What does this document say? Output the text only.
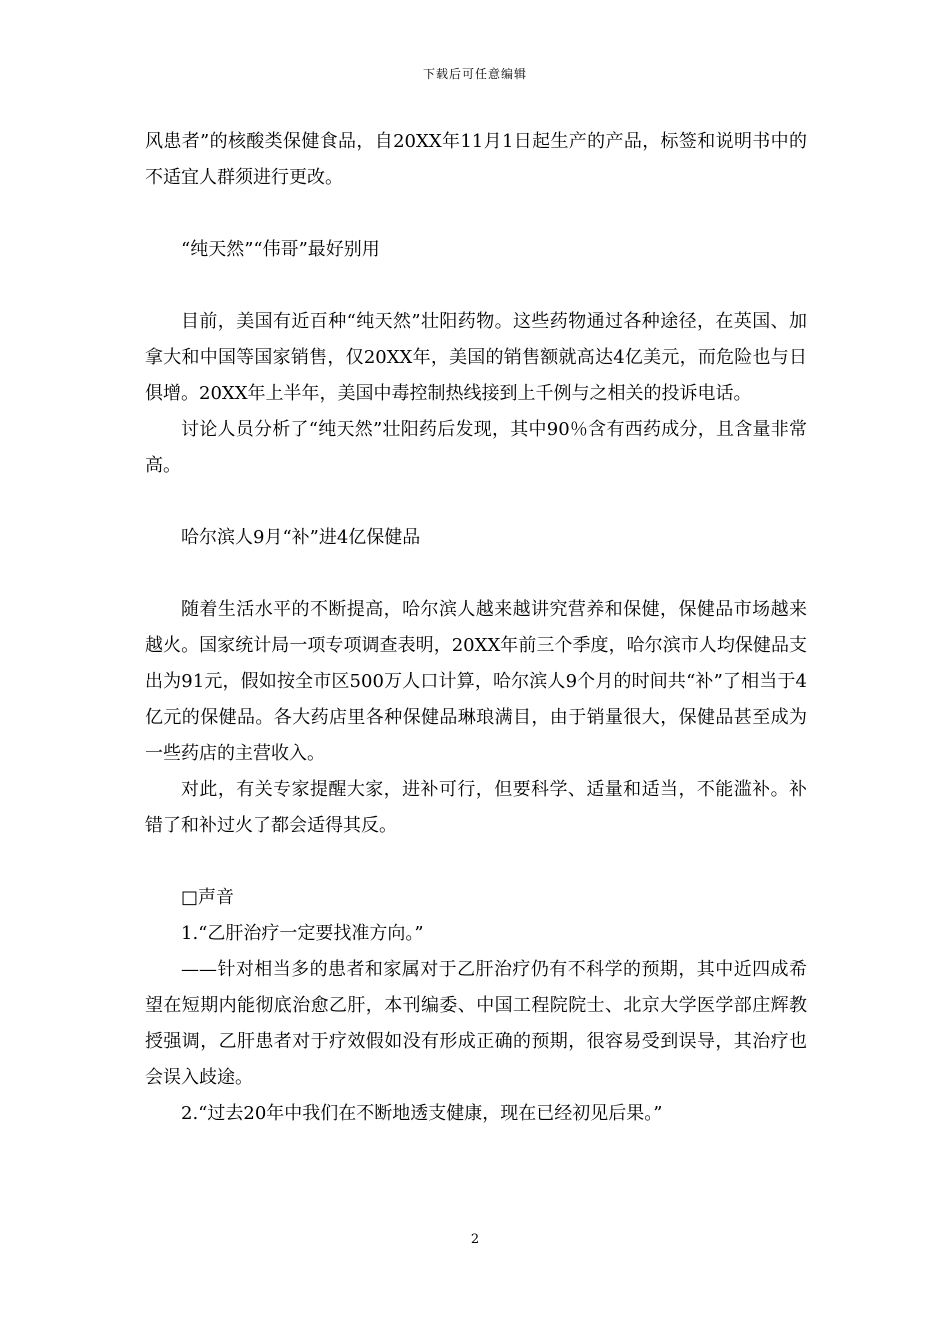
下载后可任意编辑

风患者”的核酸类保健食品，自20XX年11月1日起生产的产品，标签和说明书中的不适宜人群须进行更改。

“纯天然”“伟哥”最好别用

目前，美国有近百种“纯天然”壮阳药物。这些药物通过各种途径，在英国、加拿大和中国等国家销售，仅20XX年，美国的销售额就高达4亿美元，而危险也与日俱增。20XX年上半年，美国中毒控制热线接到上千例与之相关的投诉电话。

讨论人员分析了“纯天然”壮阳药后发现，其中90％含有西药成分，且含量非常高。

哈尔滨人9月“补”进4亿保健品

随着生活水平的不断提高，哈尔滨人越来越讲究营养和保健，保健品市场越来越火。国家统计局一项专项调查表明，20XX年前三个季度，哈尔滨市人均保健品支出为91元，假如按全市区500万人口计算，哈尔滨人9个月的时间共“补”了相当于4亿元的保健品。各大药店里各种保健品琳琅满目，由于销量很大，保健品甚至成为一些药店的主营收入。

对此，有关专家提醒大家，进补可行，但要科学、适量和适当，不能滥补。补错了和补过火了都会适得其反。

□声音

1.“乙肝治疗一定要找准方向。”

——针对相当多的患者和家属对于乙肝治疗仍有不科学的预期，其中近四成希望在短期内能彻底治愈乙肝，本刊编委、中国工程院院士、北京大学医学部庄辉教授强调，乙肝患者对于疗效假如没有形成正确的预期，很容易受到误导，其治疗也会误入歧途。

2.“过去20年中我们在不断地透支健康，现在已经初见后果。”

2
